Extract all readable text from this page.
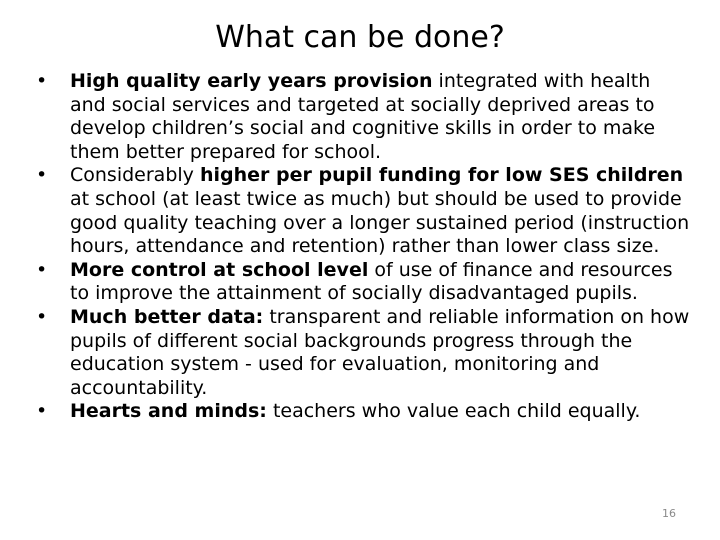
What can be done?
• High quality early years provision integrated with health and social services and targeted at socially deprived areas to develop children’s social and cognitive skills in order to make them better prepared for school.
• Considerably higher per pupil funding for low SES children at school (at least twice as much) but should be used to provide good quality teaching over a longer sustained period (instruction hours, attendance and retention) rather than lower class size.
• More control at school level of use of finance and resources to improve the attainment of socially disadvantaged pupils.
• Much better data: transparent and reliable information on how pupils of different social backgrounds progress through the education system - used for evaluation, monitoring and accountability.
• Hearts and minds: teachers who value each child equally.
16
